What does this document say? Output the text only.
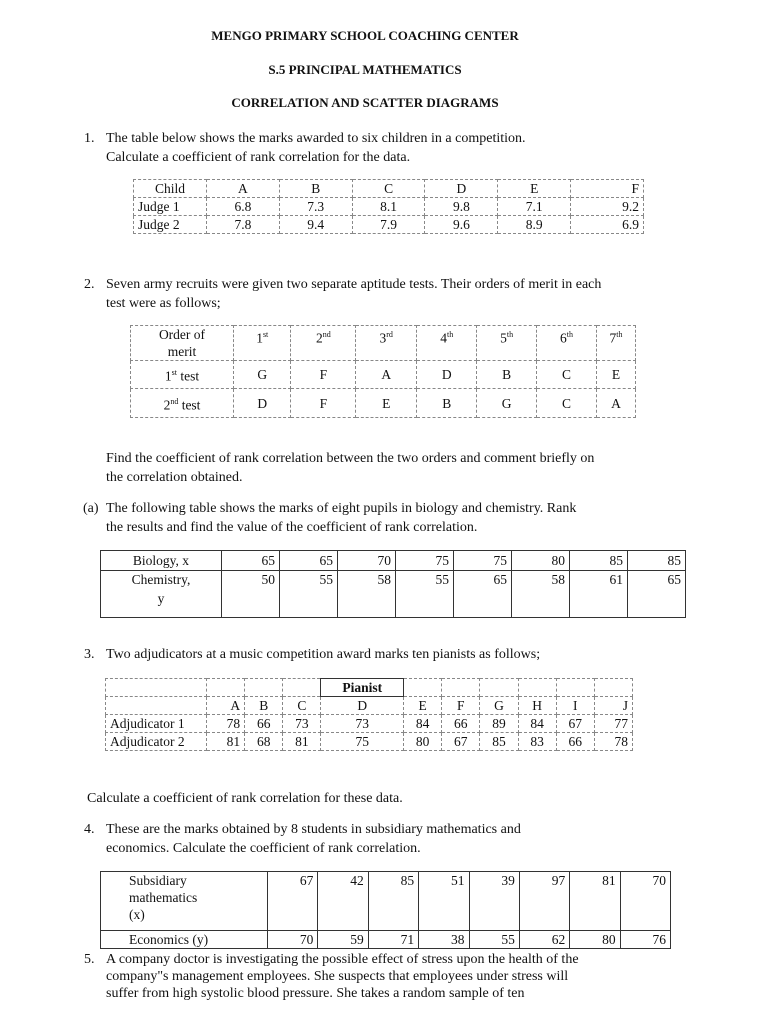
MENGO PRIMARY SCHOOL COACHING CENTER
S.5 PRINCIPAL MATHEMATICS
CORRELATION AND SCATTER DIAGRAMS
1. The table below shows the marks awarded to six children in a competition.
Calculate a coefficient of rank correlation for the data.
Child	A	B	C	D	E	F
Judge 1	6.8	7.3	8.1	9.8	7.1	9.2
Judge 2	7.8	9.4	7.9	9.6	8.9	6.9
2. Seven army recruits were given two separate aptitude tests. Their orders of merit in each
test were as follows;
Order of
merit	1st	2nd	3rd	4th	5th	6th	7th
1st test	G	F	A	D	B	C	E
2nd test	D	F	E	B	G	C	A
Find the coefficient of rank correlation between the two orders and comment briefly on
the correlation obtained.
(a) The following table shows the marks of eight pupils in biology and chemistry. Rank
the results and find the value of the coefficient of rank correlation.
Biology, x	65	65	70	75	75	80	85	85

Chemistry,
y	50	55	58	55	65	58	61	65
3. Two adjudicators at a music competition award marks ten pianists as follows;
				Pianist						
	A	B	C	D	E	F	G	H	I	J
Adjudicator 1	78	66	73	73	84	66	89	84	67	77
Adjudicator 2	81	68	81	75	80	67	85	83	66	78
Calculate a coefficient of rank correlation for these data.
4. These are the marks obtained by 8 students in subsidiary mathematics and
economics. Calculate the coefficient of rank correlation.
Subsidiary
mathematics
(x)	67	42	85	51	39	97	81	70
Economics (y)	70	59	71	38	55	62	80	76
5. A company doctor is investigating the possible effect of stress upon the health of the
company"s management employees. She suspects that employees under stress will
suffer from high systolic blood pressure. She takes a random sample of ten
